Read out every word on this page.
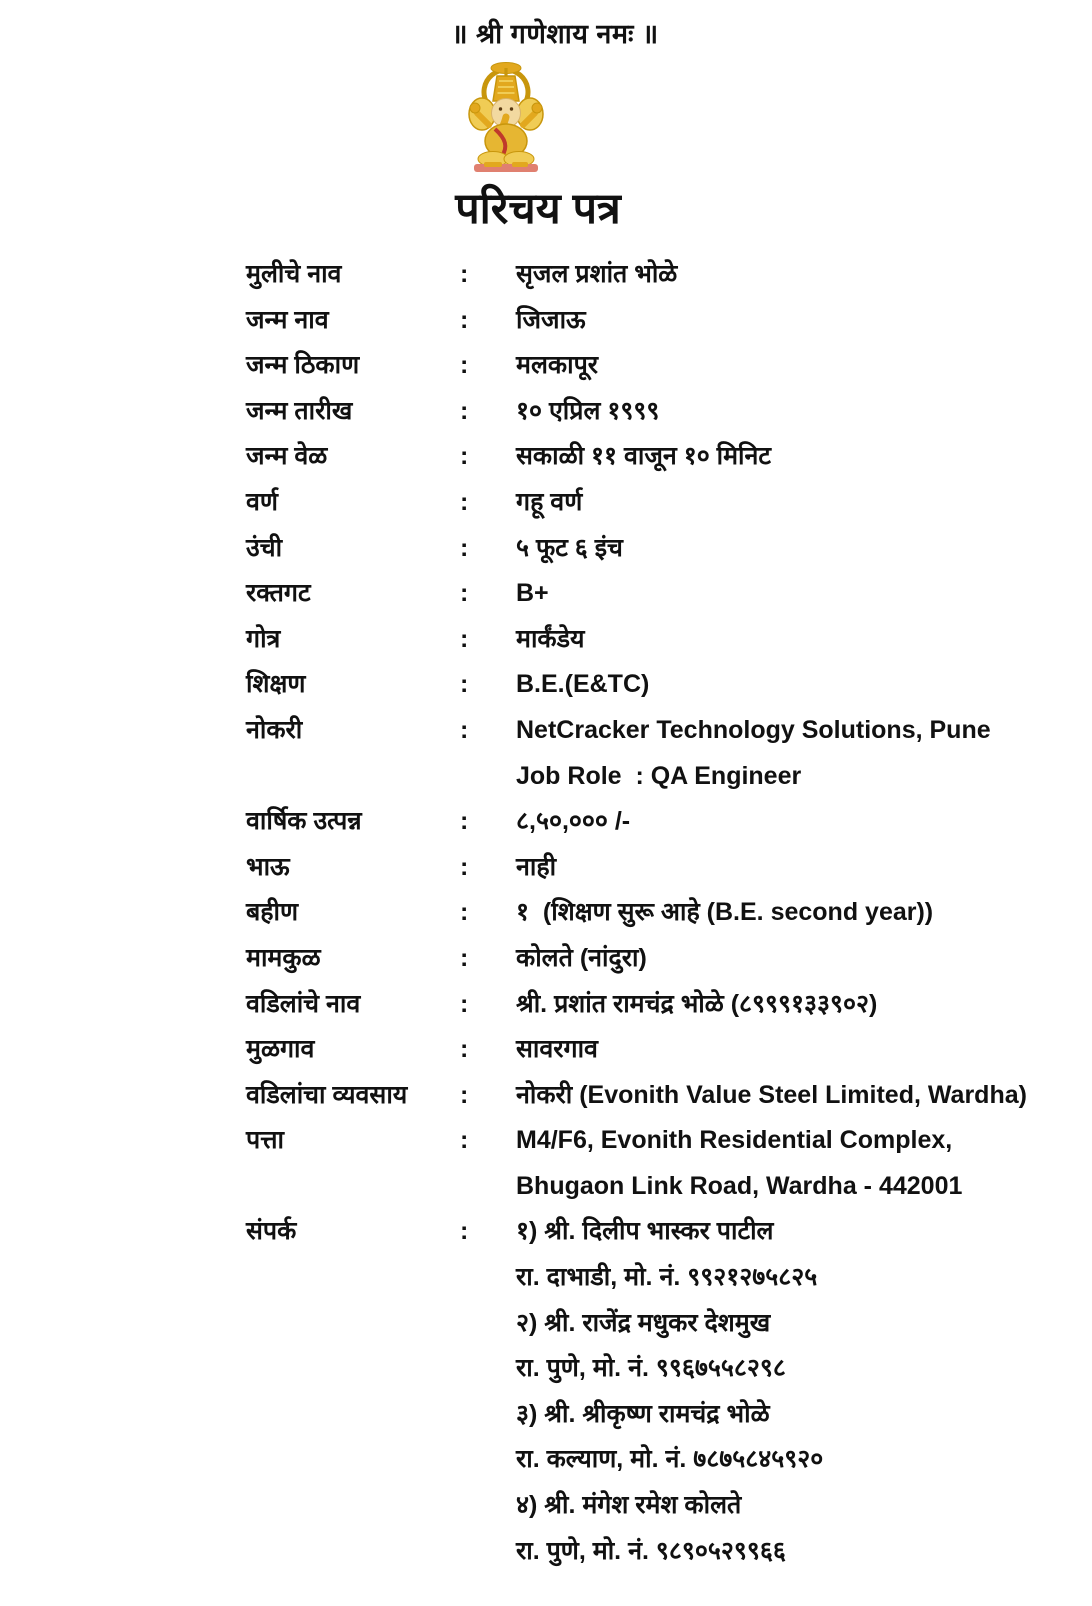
॥ श्री गणेशाय नमः ॥
परिचय पत्र
मुलीचे नाव	:	सृजल प्रशांत भोळे
जन्म नाव	:	जिजाऊ
जन्म ठिकाण	:	मलकापूर
जन्म तारीख	:	१० एप्रिल १९९९
जन्म वेळ	:	सकाळी ११ वाजून १० मिनिट
वर्ण	:	गहू वर्ण
उंची	:	५ फूट ६ इंच
रक्तगट	:	B+
गोत्र	:	मार्कंडेय
शिक्षण	:	B.E.(E&TC)
नोकरी	:	NetCracker Technology Solutions, Pune
Job Role  : QA Engineer
वार्षिक उत्पन्न	:	८,५०,००० /-
भाऊ	:	नाही
बहीण	:	१  (शिक्षण सुरू आहे (B.E. second year))
मामकुळ	:	कोलते (नांदुरा)
वडिलांचे नाव	:	श्री. प्रशांत रामचंद्र भोळे (८९९९१३३९०२)
मुळगाव	:	सावरगाव
वडिलांचा व्यवसाय	:	नोकरी (Evonith Value Steel Limited, Wardha)
पत्ता	:	M4/F6, Evonith Residential Complex,
Bhugaon Link Road, Wardha - 442001
संपर्क	:	१) श्री. दिलीप भास्कर पाटील
रा. दाभाडी, मो. नं. ९९२१२७५८२५
२) श्री. राजेंद्र मधुकर देशमुख
रा. पुणे, मो. नं. ९९६७५५८२९८
३) श्री. श्रीकृष्ण रामचंद्र भोळे
रा. कल्याण, मो. नं. ७८७५८४५९२०
४) श्री. मंगेश रमेश कोलते
रा. पुणे, मो. नं. ९८९०५२९९६६
